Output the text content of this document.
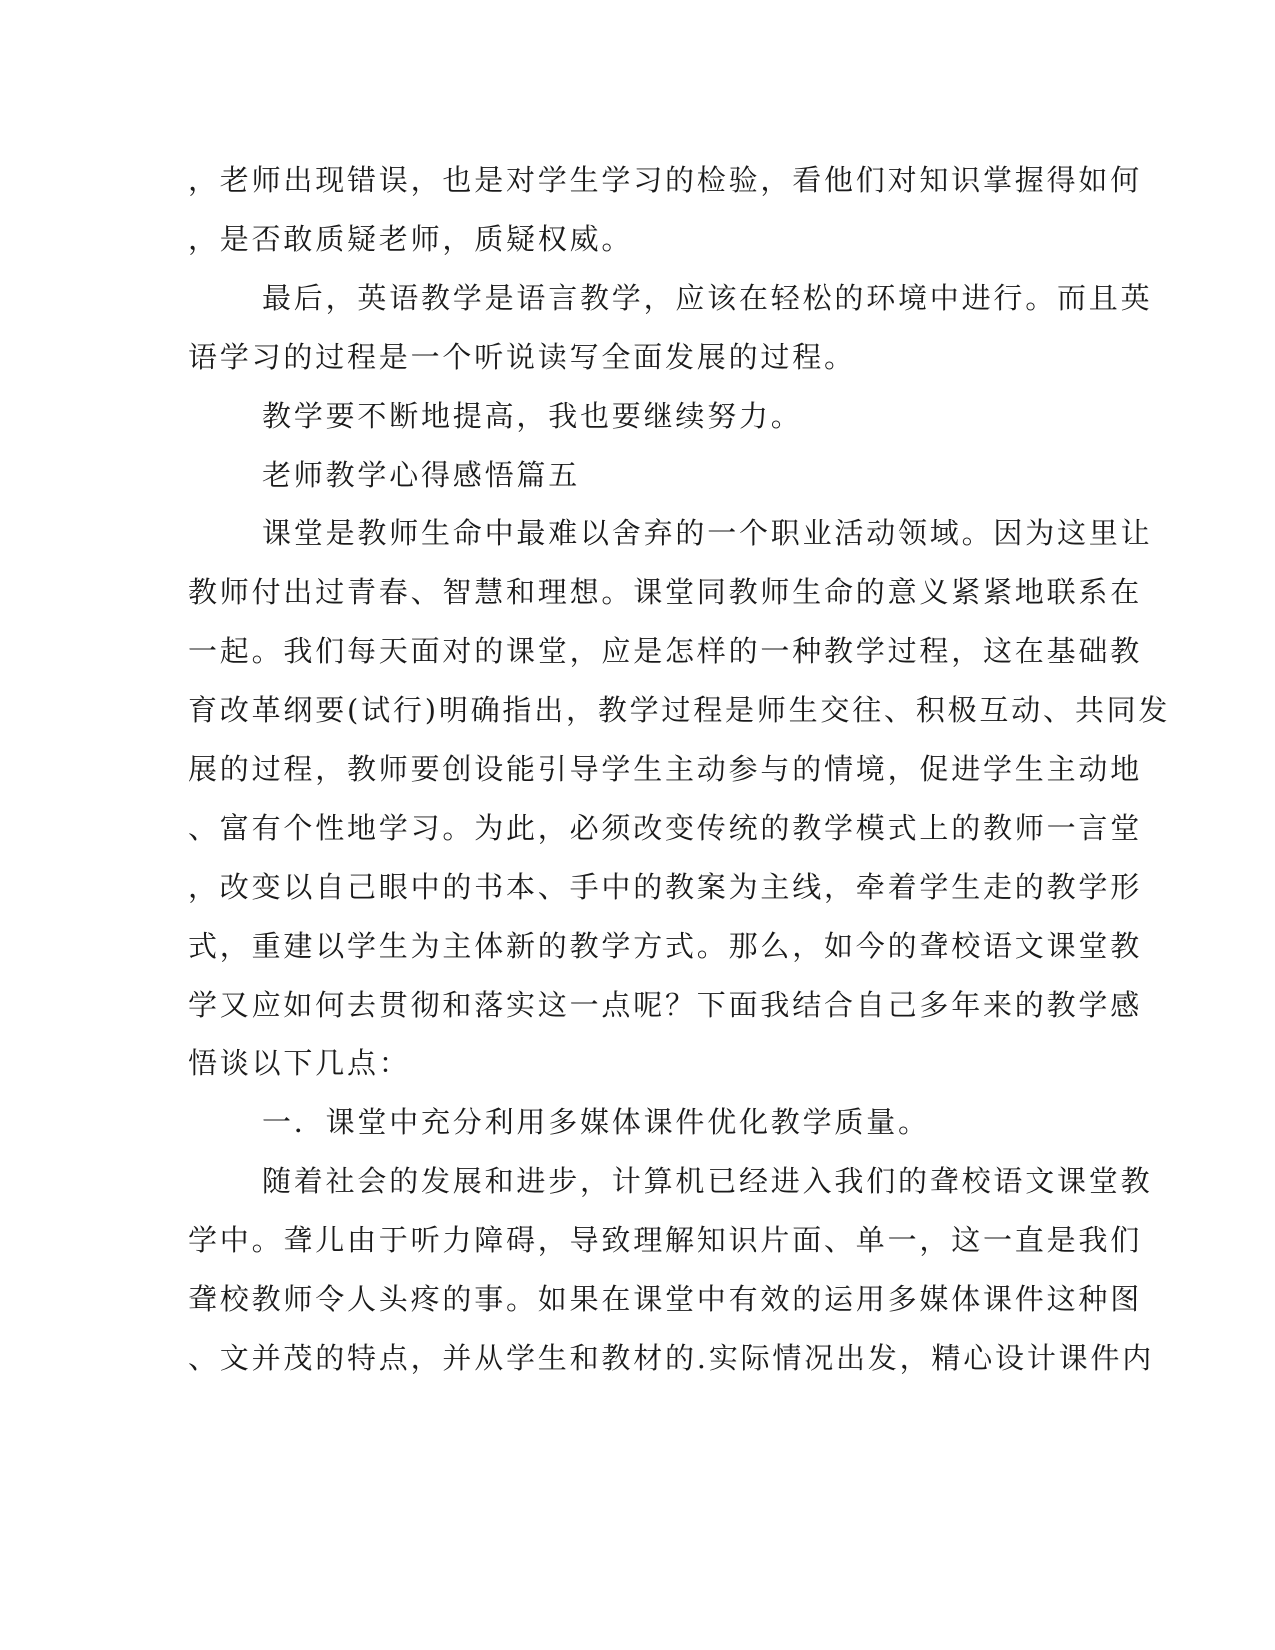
，老师出现错误，也是对学生学习的检验，看他们对知识掌握得如何
，是否敢质疑老师，质疑权威。
最后，英语教学是语言教学，应该在轻松的环境中进行。而且英
语学习的过程是一个听说读写全面发展的过程。
教学要不断地提高，我也要继续努力。
老师教学心得感悟篇五
课堂是教师生命中最难以舍弃的一个职业活动领域。因为这里让
教师付出过青春、智慧和理想。课堂同教师生命的意义紧紧地联系在
一起。我们每天面对的课堂，应是怎样的一种教学过程，这在基础教
育改革纲要(试行)明确指出，教学过程是师生交往、积极互动、共同发
展的过程，教师要创设能引导学生主动参与的情境，促进学生主动地
、富有个性地学习。为此，必须改变传统的教学模式上的教师一言堂
，改变以自己眼中的书本、手中的教案为主线，牵着学生走的教学形
式，重建以学生为主体新的教学方式。那么，如今的聋校语文课堂教
学又应如何去贯彻和落实这一点呢？下面我结合自己多年来的教学感
悟谈以下几点：
一．课堂中充分利用多媒体课件优化教学质量。
随着社会的发展和进步，计算机已经进入我们的聋校语文课堂教
学中。聋儿由于听力障碍，导致理解知识片面、单一，这一直是我们
聋校教师令人头疼的事。如果在课堂中有效的运用多媒体课件这种图
、文并茂的特点，并从学生和教材的.实际情况出发，精心设计课件内
